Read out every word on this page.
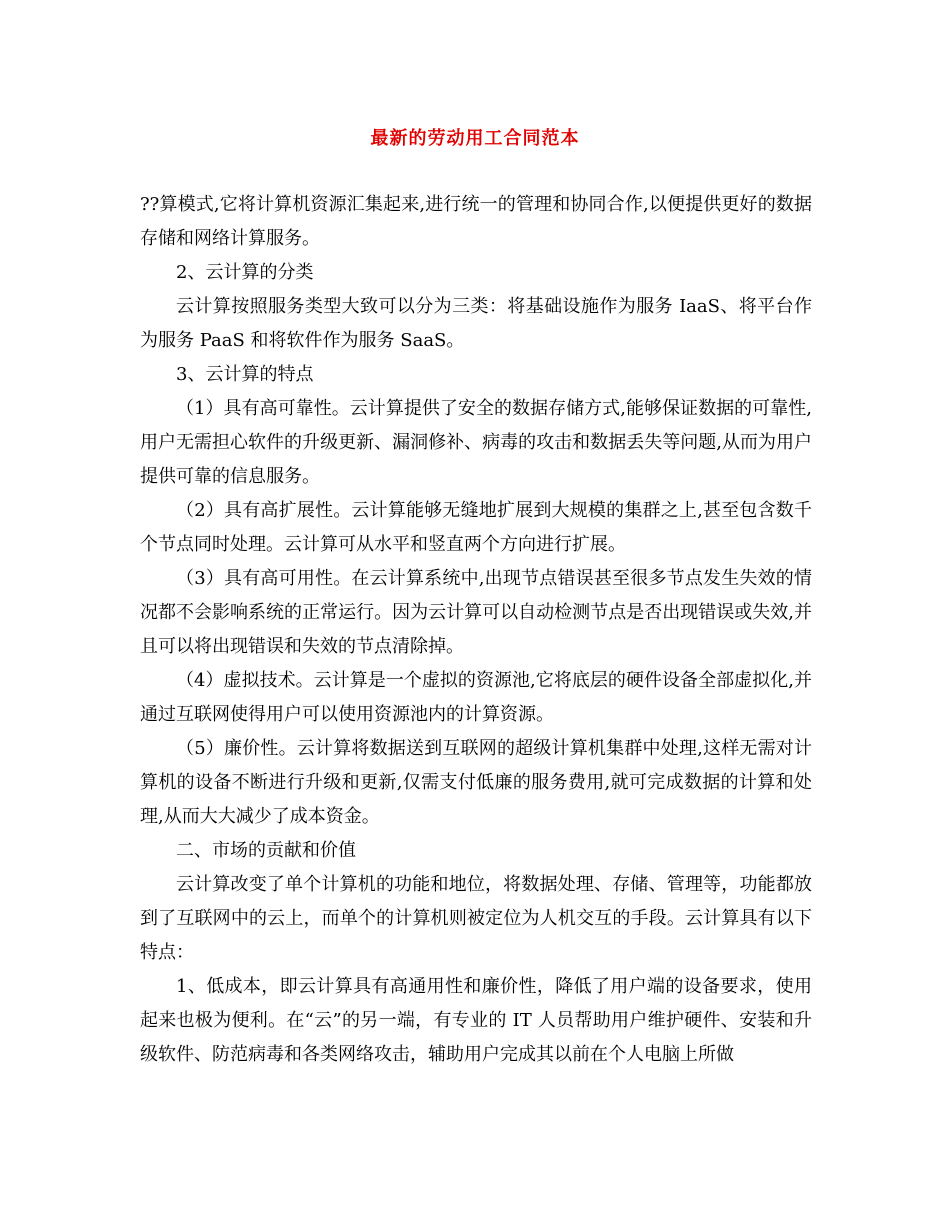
最新的劳动用工合同范本

??算模式,它将计算机资源汇集起来,进行统一的管理和协同合作,以便提供更好的数据存储和网络计算服务。

2、云计算的分类

云计算按照服务类型大致可以分为三类：将基础设施作为服务 IaaS、将平台作为服务 PaaS 和将软件作为服务 SaaS。

3、云计算的特点

（1）具有高可靠性。云计算提供了安全的数据存储方式,能够保证数据的可靠性,用户无需担心软件的升级更新、漏洞修补、病毒的攻击和数据丢失等问题,从而为用户提供可靠的信息服务。

（2）具有高扩展性。云计算能够无缝地扩展到大规模的集群之上,甚至包含数千个节点同时处理。云计算可从水平和竖直两个方向进行扩展。

（3）具有高可用性。在云计算系统中,出现节点错误甚至很多节点发生失效的情况都不会影响系统的正常运行。因为云计算可以自动检测节点是否出现错误或失效,并且可以将出现错误和失效的节点清除掉。

（4）虚拟技术。云计算是一个虚拟的资源池,它将底层的硬件设备全部虚拟化,并通过互联网使得用户可以使用资源池内的计算资源。

（5）廉价性。云计算将数据送到互联网的超级计算机集群中处理,这样无需对计算机的设备不断进行升级和更新,仅需支付低廉的服务费用,就可完成数据的计算和处理,从而大大减少了成本资金。

二、市场的贡献和价值

云计算改变了单个计算机的功能和地位，将数据处理、存储、管理等，功能都放到了互联网中的云上，而单个的计算机则被定位为人机交互的手段。云计算具有以下特点：

1、低成本，即云计算具有高通用性和廉价性，降低了用户端的设备要求，使用起来也极为便利。在“云”的另一端，有专业的 IT 人员帮助用户维护硬件、安装和升级软件、防范病毒和各类网络攻击，辅助用户完成其以前在个人电脑上所做
